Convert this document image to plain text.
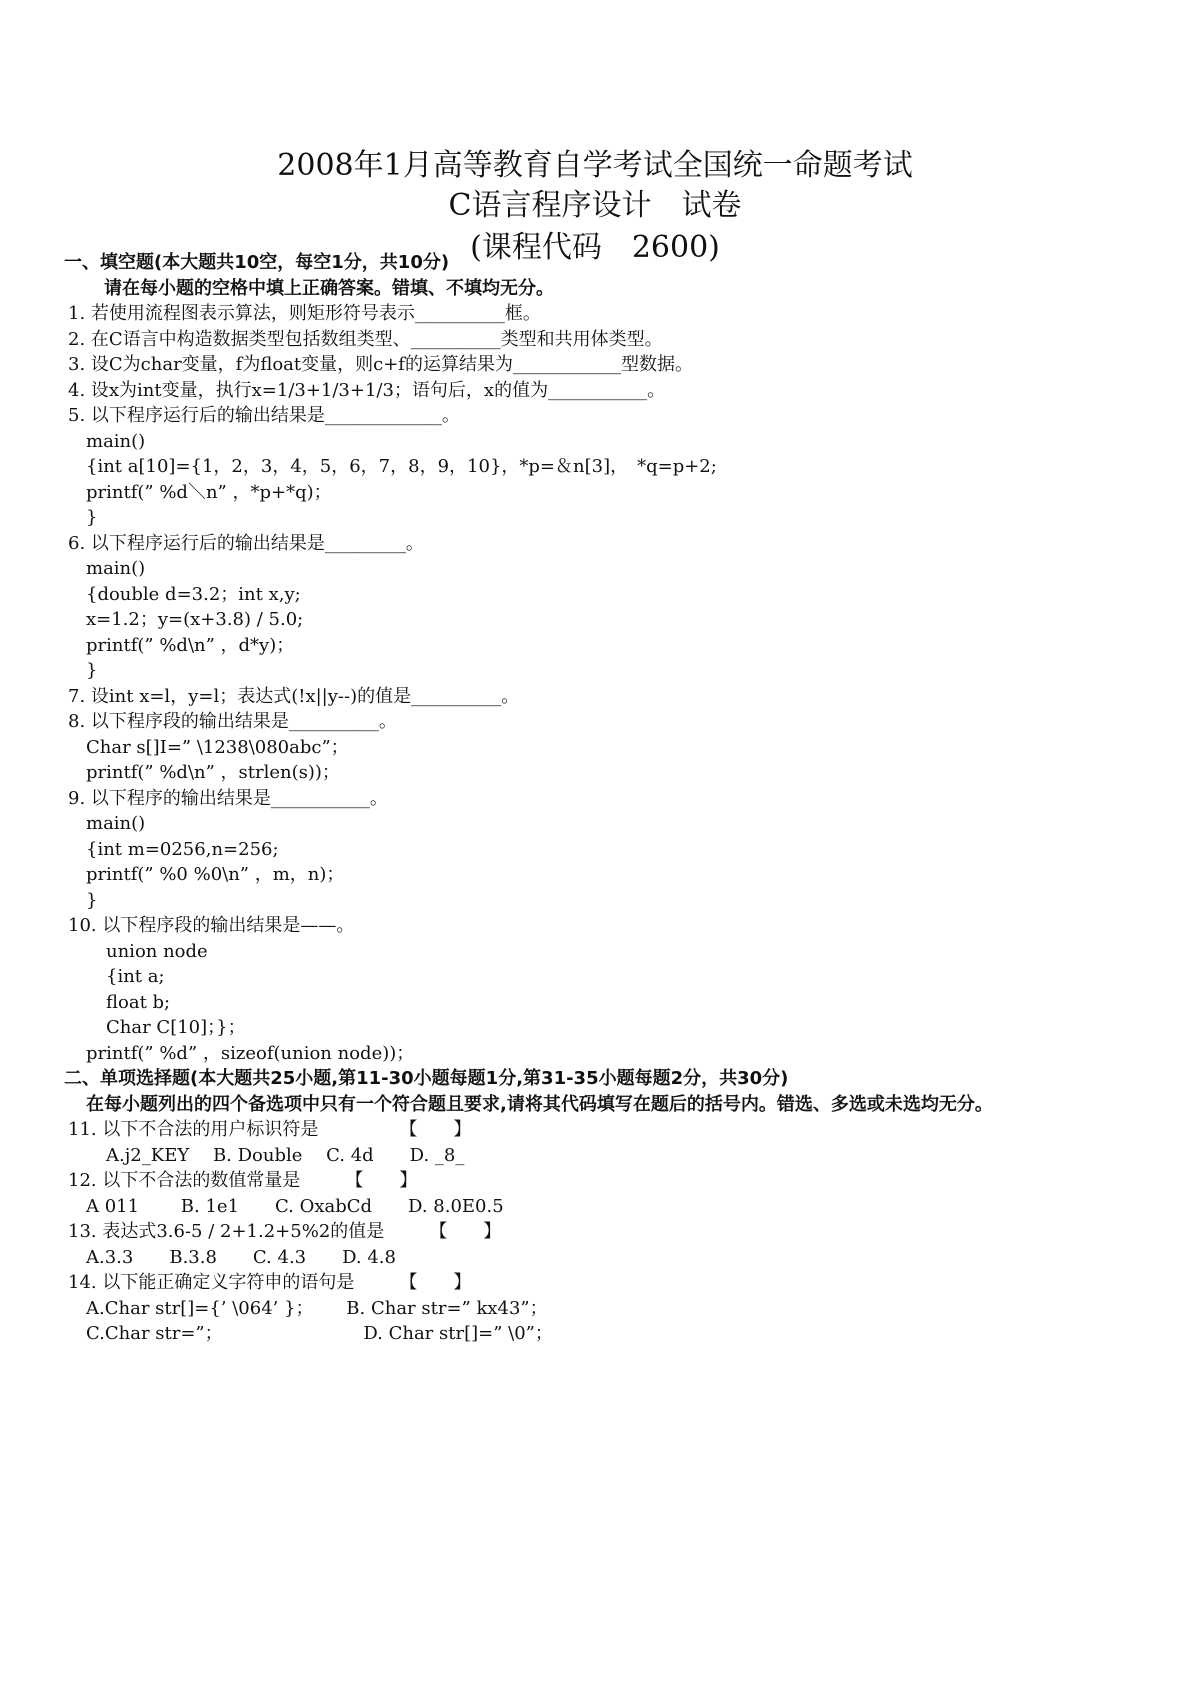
2008年1月高等教育自学考试全国统一命题考试
C语言程序设计　试卷
(课程代码　2600)
一、填空题(本大题共10空，每空1分，共10分)
请在每小题的空格中填上正确答案。错填、不填均无分。
1. 若使用流程图表示算法，则矩形符号表示__________框。
2. 在C语言中构造数据类型包括数组类型、__________类型和共用体类型。
3. 设C为char变量，f为float变量，则c+f的运算结果为____________型数据。
4. 设x为int变量，执行x=1/3+1/3+1/3；语句后，x的值为___________。
5. 以下程序运行后的输出结果是_____________。
main()
{int a[10]={1，2，3，4，5，6，7，8，9，10}，*p=＆n[3]，　*q=p+2;
printf(” %d＼n” ，*p+*q)；
}
6. 以下程序运行后的输出结果是_________。
main()
{double d=3.2；int x,y;
x=1.2；y=(x+3.8) / 5.0;
printf(” %d\n” ，d*y)；
}
7. 设int x=l，y=l；表达式(!x||y--)的值是__________。
8. 以下程序段的输出结果是__________。
Char s[]I=” \1238\080abc”；
printf(” %d\n” ，strlen(s))；
9. 以下程序的输出结果是___________。
main()
{int m=0256,n=256;
printf(” %0 %0\n” ，m，n)；
}
10. 以下程序段的输出结果是——。
union node
{int a;
float b;
Char C[10]；}；
printf(” %d” ，sizeof(union node))；
二、单项选择题(本大题共25小题,第11-30小题每题1分,第31-35小题每题2分，共30分)
在每小题列出的四个备选项中只有一个符合题且要求,请将其代码填写在题后的括号内。错选、多选或未选均无分。
11. 以下不合法的用户标识符是　　　　　【　　】
A.j2_KEY　 B. Double　 C. 4d　　D. _8_
12. 以下不合法的数值常量是　　　【　　】
A 011　　 B. 1e1　　C. OxabCd　　D. 8.0E0.5
13. 表达式3.6-5 / 2+1.2+5%2的值是　　　【　　】
A.3.3　　B.3.8　　C. 4.3　　D. 4.8
14. 以下能正确定义字符申的语句是　　　【　　】
A.Char str[]={’ \064’ }；　　 B. Char str=” kx43”；
C.Char str=”；　　　　　　　　 D. Char str[]=” \0”；
